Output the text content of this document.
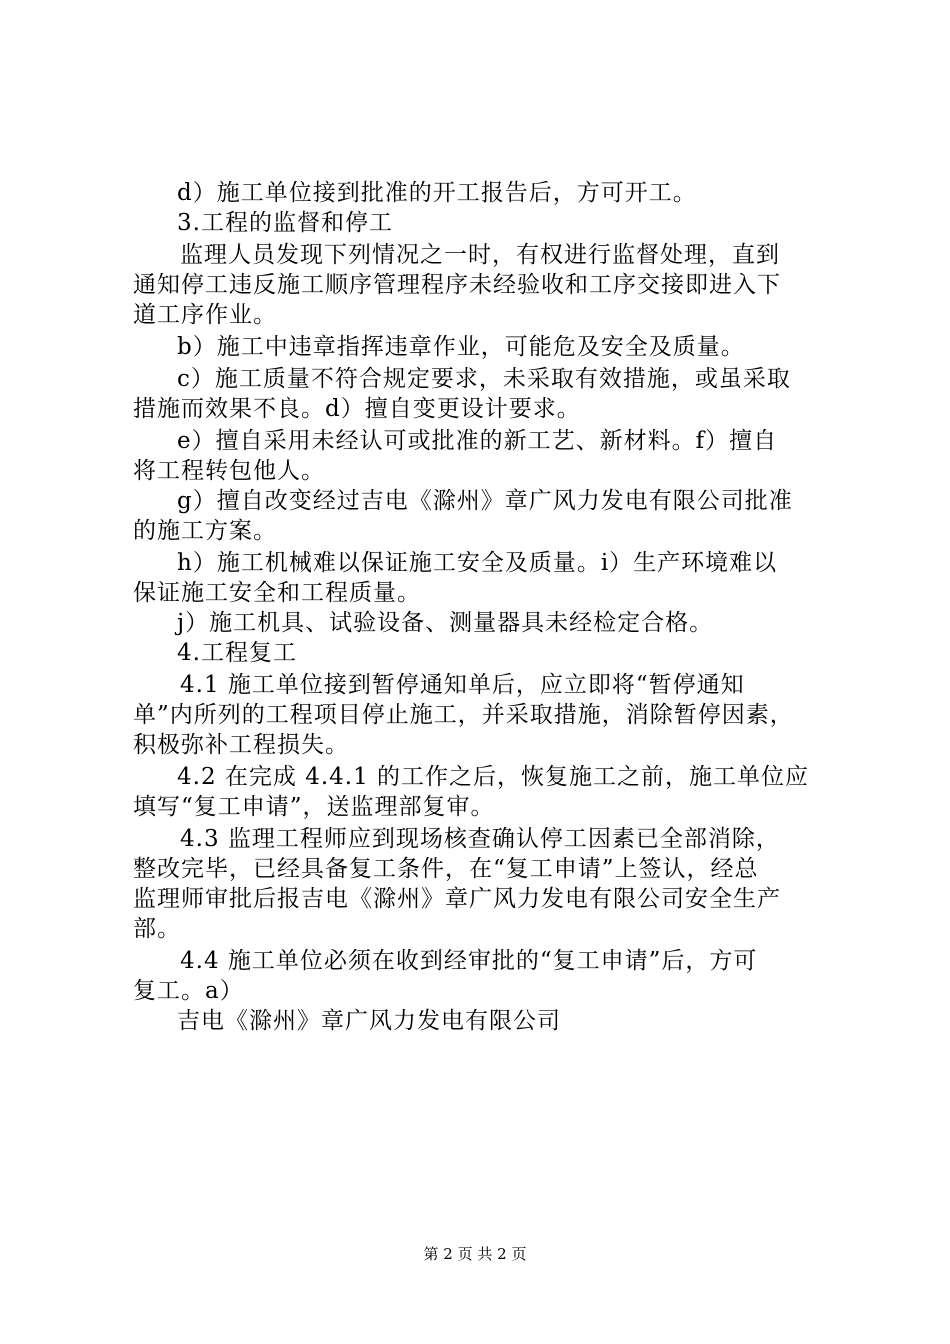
d）施工单位接到批准的开工报告后，方可开工。
3.工程的监督和停工
监理人员发现下列情况之一时，有权进行监督处理，直到
通知停工违反施工顺序管理程序未经验收和工序交接即进入下
道工序作业。
b）施工中违章指挥违章作业，可能危及安全及质量。
c）施工质量不符合规定要求，未采取有效措施，或虽采取
措施而效果不良。d）擅自变更设计要求。
e）擅自采用未经认可或批准的新工艺、新材料。f）擅自
将工程转包他人。
g）擅自改变经过吉电《滁州》章广风力发电有限公司批准
的施工方案。
h）施工机械难以保证施工安全及质量。i）生产环境难以
保证施工安全和工程质量。
j）施工机具、试验设备、测量器具未经检定合格。
4.工程复工
4.1 施工单位接到暂停通知单后，应立即将“暂停通知
单”内所列的工程项目停止施工，并采取措施，消除暂停因素，
积极弥补工程损失。
4.2 在完成 4.4.1 的工作之后，恢复施工之前，施工单位应
填写“复工申请”，送监理部复审。
4.3 监理工程师应到现场核查确认停工因素已全部消除，
整改完毕，已经具备复工条件，在“复工申请”上签认，经总
监理师审批后报吉电《滁州》章广风力发电有限公司安全生产
部。
4.4 施工单位必须在收到经审批的“复工申请”后，方可
复工。a）
吉电《滁州》章广风力发电有限公司
第 2 页 共 2 页
